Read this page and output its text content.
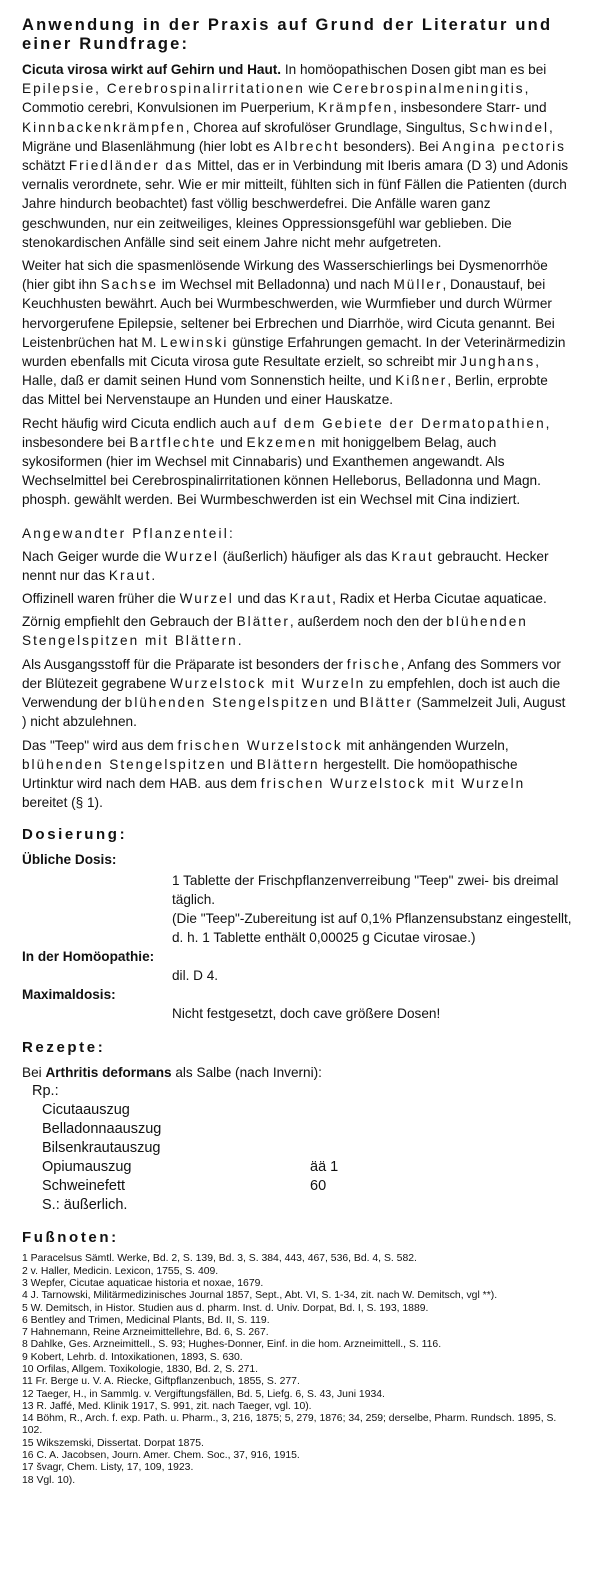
Anwendung in der Praxis auf Grund der Literatur und einer Rundfrage:

Cicuta virosa wirkt auf Gehirn und Haut. In homöopathischen Dosen gibt man es bei Epilepsie, Cerebrospinalirritationen wie Cerebrospinalmeningitis, Commotio cerebri, Konvulsionen im Puerperium, Krämpfen, insbesondere Starr- und Kinnbackenkrämpfen, Chorea auf skrofulöser Grundlage, Singultus, Schwindel, Migräne und Blasenlähmung (hier lobt es Albrecht besonders). Bei Angina pectoris schätzt Friedländer das Mittel, das er in Verbindung mit Iberis amara (D 3) und Adonis vernalis verordnete, sehr. Wie er mir mitteilt, fühlten sich in fünf Fällen die Patienten (durch Jahre hindurch beobachtet) fast völlig beschwerdefrei. Die Anfälle waren ganz geschwunden, nur ein zeitweiliges, kleines Oppressionsgefühl war geblieben. Die stenokardischen Anfälle sind seit einem Jahre nicht mehr aufgetreten.

Weiter hat sich die spasmenlösende Wirkung des Wasserschierlings bei Dysmenorrhöe (hier gibt ihn Sachse im Wechsel mit Belladonna) und nach Müller, Donaustauf, bei Keuchhusten bewährt. Auch bei Wurmbeschwerden, wie Wurmfieber und durch Würmer hervorgerufene Epilepsie, seltener bei Erbrechen und Diarrhöe, wird Cicuta genannt. Bei Leistenbrüchen hat M. Lewinski günstige Erfahrungen gemacht. In der Veterinärmedizin wurden ebenfalls mit Cicuta virosa gute Resultate erzielt, so schreibt mir Junghans, Halle, daß er damit seinen Hund vom Sonnenstich heilte, und Kißner, Berlin, erprobte das Mittel bei Nervenstaupe an Hunden und einer Hauskatze.

Recht häufig wird Cicuta endlich auch auf dem Gebiete der Dermatopathien, insbesondere bei Bartflechte und Ekzemen mit honiggelbem Belag, auch sykosiformen (hier im Wechsel mit Cinnabaris) und Exanthemen angewandt. Als Wechselmittel bei Cerebrospinalirritationen können Helleborus, Belladonna und Magn. phosph. gewählt werden. Bei Wurmbeschwerden ist ein Wechsel mit Cina indiziert.

Angewandter Pflanzenteil:

Nach Geiger wurde die Wurzel (äußerlich) häufiger als das Kraut gebraucht. Hecker nennt nur das Kraut.

Offizinell waren früher die Wurzel und das Kraut, Radix et Herba Cicutae aquaticae.

Zörnig empfiehlt den Gebrauch der Blätter, außerdem noch den der blühenden Stengelspitzen mit Blättern.

Als Ausgangsstoff für die Präparate ist besonders der frische, Anfang des Sommers vor der Blütezeit gegrabene Wurzelstock mit Wurzeln zu empfehlen, doch ist auch die Verwendung der blühenden Stengelspitzen und Blätter (Sammelzeit Juli, August ) nicht abzulehnen.

Das "Teep" wird aus dem frischen Wurzelstock mit anhängenden Wurzeln, blühenden Stengelspitzen und Blättern hergestellt. Die homöopathische Urtinktur wird nach dem HAB. aus dem frischen Wurzelstock mit Wurzeln bereitet (§ 1).

Dosierung:
Übliche Dosis:
1 Tablette der Frischpflanzenverreibung "Teep" zwei- bis dreimal täglich.
(Die "Teep"-Zubereitung ist auf 0,1% Pflanzensubstanz eingestellt, d. h. 1 Tablette enthält 0,00025 g Cicutae virosae.)
In der Homöopathie:
dil. D 4.
Maximaldosis:
Nicht festgesetzt, doch cave größere Dosen!
Rezepte:
Bei Arthritis deformans als Salbe (nach Inverni):
Rp.:
Cicutaauszug
Belladonnaauszug
Bilsenkrautauszug
Opiumauszug	ää 1
Schweinefett	60
S.: äußerlich.
Fußnoten:

1 Paracelsus Sämtl. Werke, Bd. 2, S. 139, Bd. 3, S. 384, 443, 467, 536, Bd. 4, S. 582.

2 v. Haller, Medicin. Lexicon, 1755, S. 409.

3 Wepfer, Cicutae aquaticae historia et noxae, 1679.

4 J. Tarnowski, Militärmedizinisches Journal 1857, Sept., Abt. VI, S. 1-34, zit. nach W. Demitsch, vgl **).

5 W. Demitsch, in Histor. Studien aus d. pharm. Inst. d. Univ. Dorpat, Bd. I, S. 193, 1889.

6 Bentley and Trimen, Medicinal Plants, Bd. II, S. 119.

7 Hahnemann, Reine Arzneimittellehre, Bd. 6, S. 267.

8 Dahlke, Ges. Arzneimittell., S. 93; Hughes-Donner, Einf. in die hom. Arzneimittell., S. 116.

9 Kobert, Lehrb. d. Intoxikationen, 1893, S. 630.

10 Orfilas, Allgem. Toxikologie, 1830, Bd. 2, S. 271.

11 Fr. Berge u. V. A. Riecke, Giftpflanzenbuch, 1855, S. 277.

12 Taeger, H., in Sammlg. v. Vergiftungsfällen, Bd. 5, Liefg. 6, S. 43, Juni 1934.

13 R. Jaffé, Med. Klinik 1917, S. 991, zit. nach Taeger, vgl. 10).

14 Böhm, R., Arch. f. exp. Path. u. Pharm., 3, 216, 1875; 5, 279, 1876; 34, 259; derselbe, Pharm. Rundsch. 1895, S. 102.

15 Wikszemski, Dissertat. Dorpat 1875.

16 C. A. Jacobsen, Journ. Amer. Chem. Soc., 37, 916, 1915.

17 švagr, Chem. Listy, 17, 109, 1923.

18 Vgl. 10).
